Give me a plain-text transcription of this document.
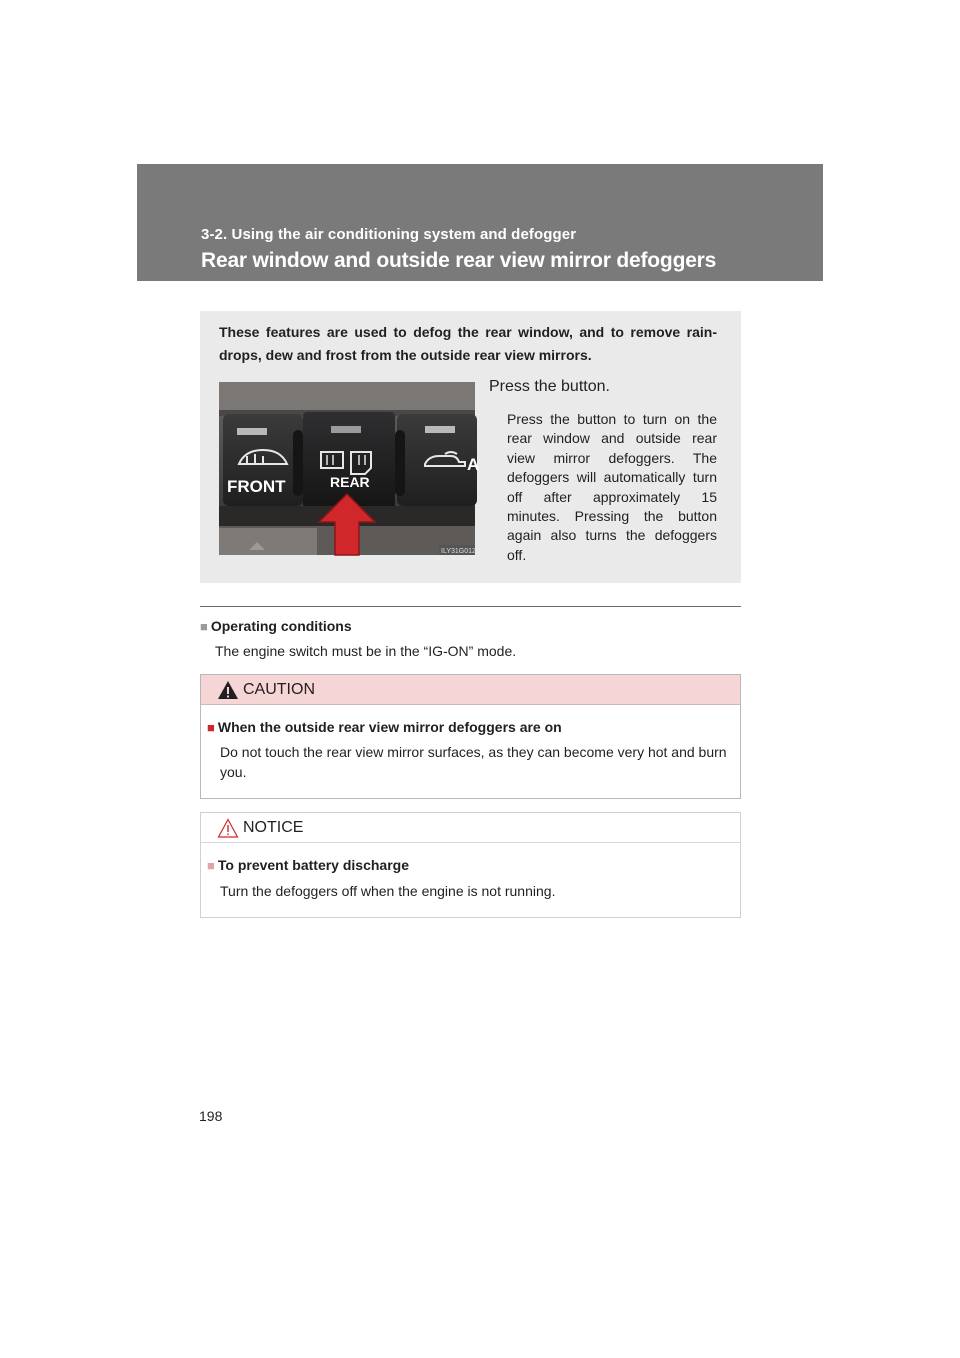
3-2. Using the air conditioning system and defogger
Rear window and outside rear view mirror defoggers
These features are used to defog the rear window, and to remove rain-drops, dew and frost from the outside rear view mirrors.
FRONT	REAR
A
ILY31G012
Press the button.
Press the button to turn on the rear window and outside rear view mirror defoggers. The defoggers will automatically turn off after approximately 15 minutes. Pressing the button again also turns the defoggers off.
■ Operating conditions
The engine switch must be in the “IG-ON” mode.
CAUTION
■ When the outside rear view mirror defoggers are on
Do not touch the rear view mirror surfaces, as they can become very hot and burn you.
NOTICE
■ To prevent battery discharge
Turn the defoggers off when the engine is not running.
198
